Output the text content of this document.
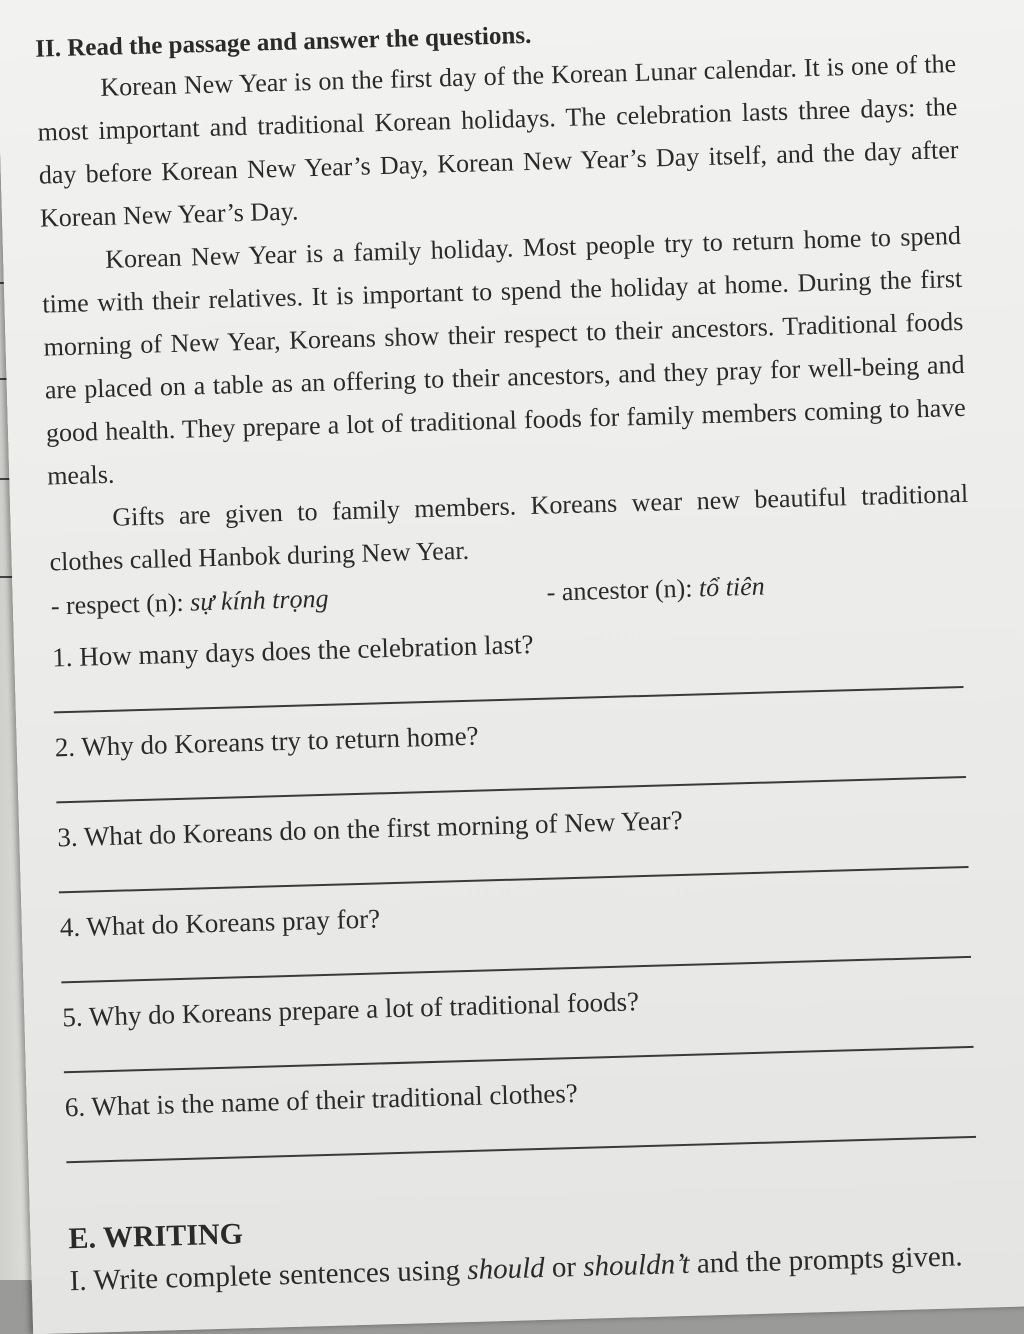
II. Read the passage and answer the questions.

Korean New Year is on the first day of the Korean Lunar calendar. It is one of the most important and traditional Korean holidays. The celebration lasts three days: the day before Korean New Year’s Day, Korean New Year’s Day itself, and the day after Korean New Year’s Day.

Korean New Year is a family holiday. Most people try to return home to spend time with their relatives. It is important to spend the holiday at home. During the first morning of New Year, Koreans show their respect to their ancestors. Traditional foods are placed on a table as an offering to their ancestors, and they pray for well-being and good health. They prepare a lot of traditional foods for family members coming to have meals.

Gifts are given to family members. Koreans wear new beautiful traditional clothes called Hanbok during New Year.

- respect (n): sự kính trọng	- ancestor (n): tổ tiên

1. How many days does the celebration last?

2. Why do Koreans try to return home?

3. What do Koreans do on the first morning of New Year?

4. What do Koreans pray for?

5. Why do Koreans prepare a lot of traditional foods?

6. What is the name of their traditional clothes?

E. WRITING

I. Write complete sentences using should or shouldn’t and the prompts given.
